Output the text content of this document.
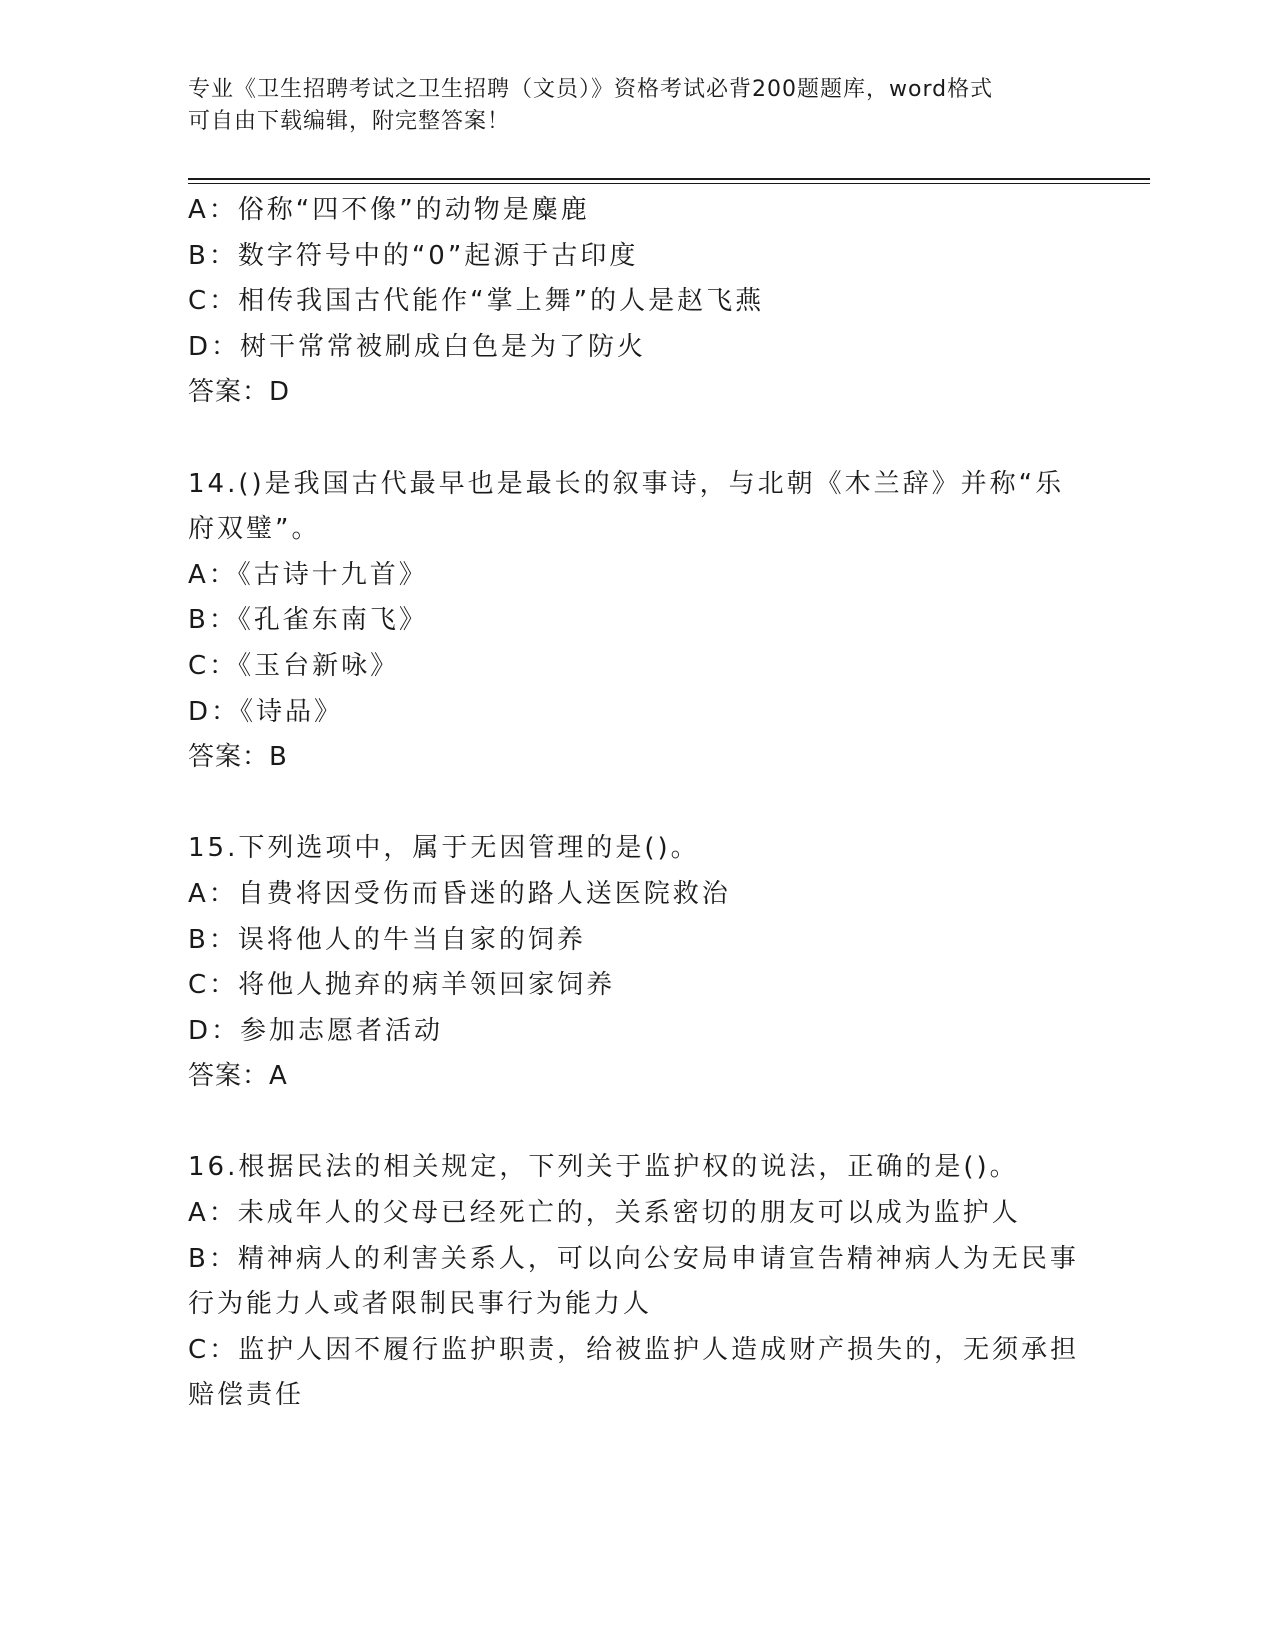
专业《卫生招聘考试之卫生招聘（文员）》资格考试必背200题题库，word格式
可自由下载编辑，附完整答案！
A：俗称“四不像”的动物是麋鹿
B：数字符号中的“0”起源于古印度
C：相传我国古代能作“掌上舞”的人是赵飞燕
D：树干常常被刷成白色是为了防火
答案：D
14.()是我国古代最早也是最长的叙事诗，与北朝《木兰辞》并称“乐
府双璧”。
A：《古诗十九首》
B：《孔雀东南飞》
C：《玉台新咏》
D：《诗品》
答案：B
15.下列选项中，属于无因管理的是()。
A：自费将因受伤而昏迷的路人送医院救治
B：误将他人的牛当自家的饲养
C：将他人抛弃的病羊领回家饲养
D：参加志愿者活动
答案：A
16.根据民法的相关规定，下列关于监护权的说法，正确的是()。
A：未成年人的父母已经死亡的，关系密切的朋友可以成为监护人
B：精神病人的利害关系人，可以向公安局申请宣告精神病人为无民事
行为能力人或者限制民事行为能力人
C：监护人因不履行监护职责，给被监护人造成财产损失的，无须承担
赔偿责任
